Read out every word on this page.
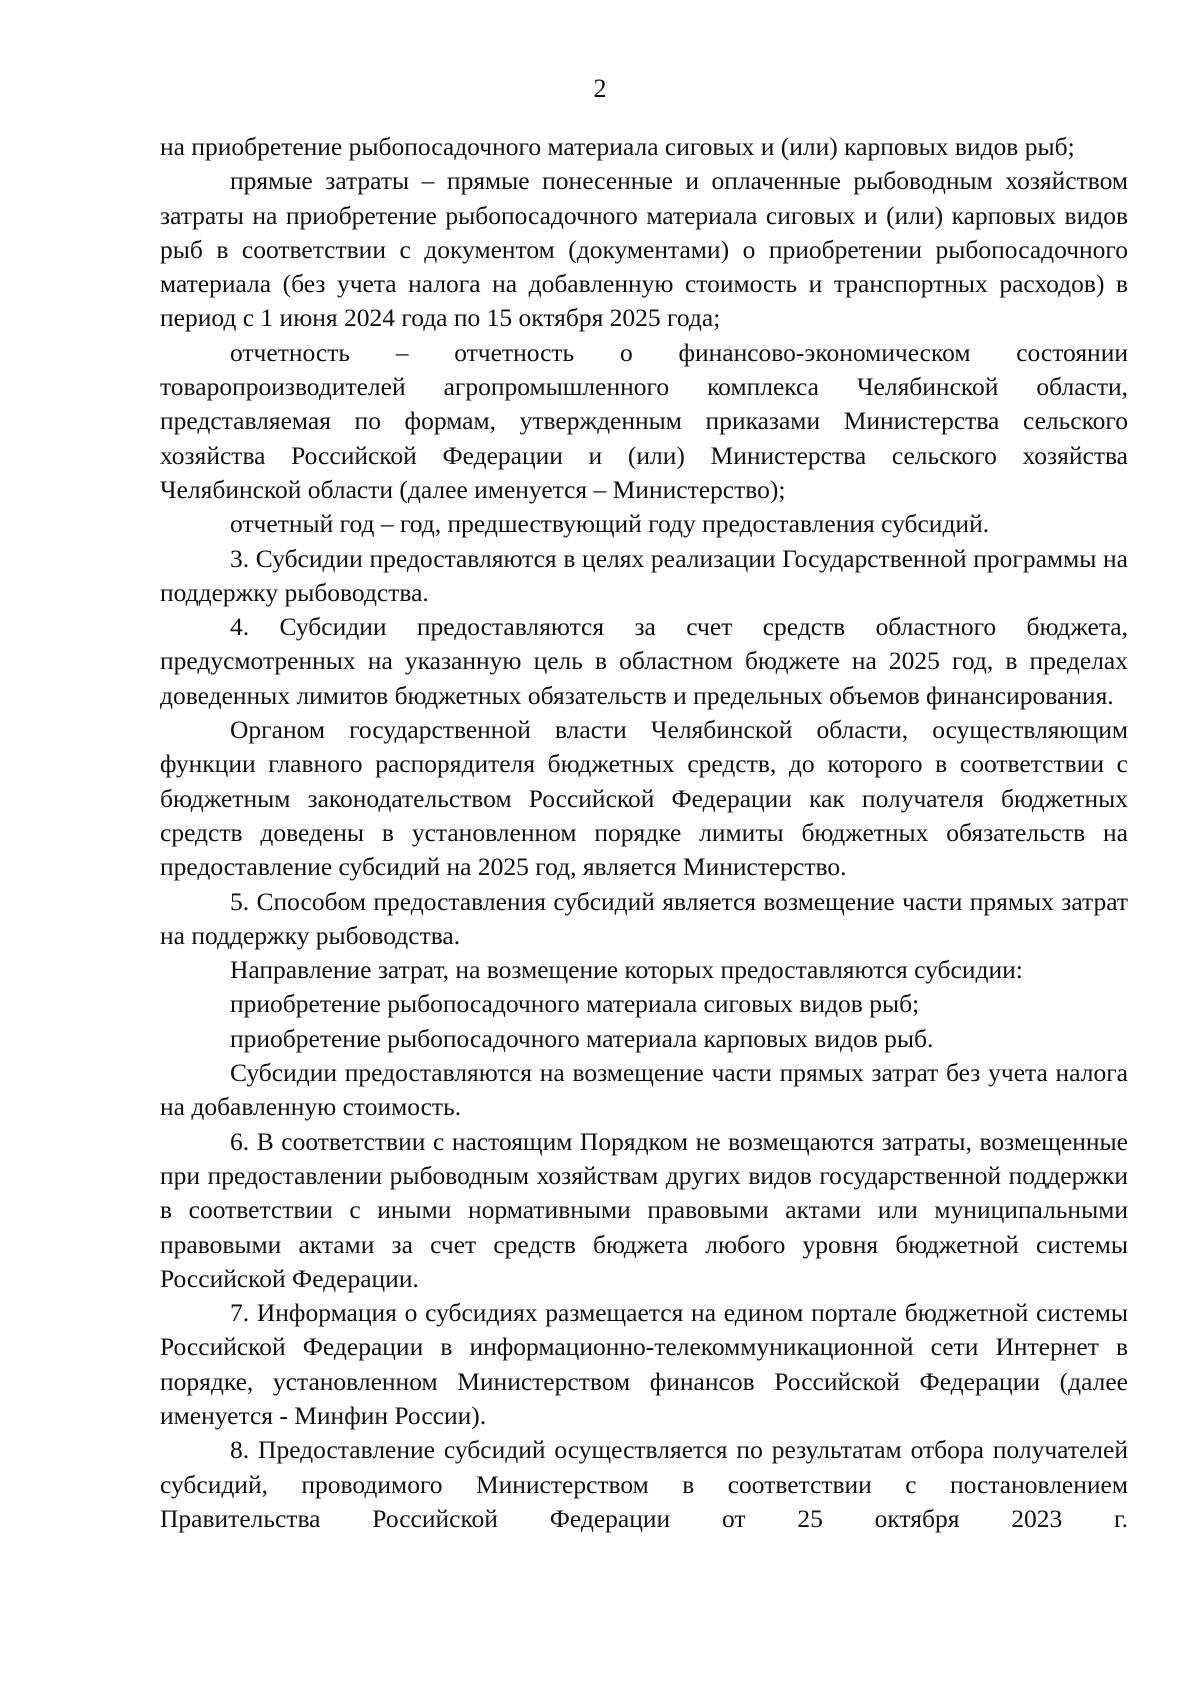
2

на приобретение рыбопосадочного материала сиговых и (или) карповых видов рыб;

прямые затраты – прямые понесенные и оплаченные рыбоводным хозяйством затраты на приобретение рыбопосадочного материала сиговых и (или) карповых видов рыб в соответствии с документом (документами) о приобретении рыбопосадочного материала (без учета налога на добавленную стоимость и транспортных расходов) в период с 1 июня 2024 года по 15 октября 2025 года;

отчетность – отчетность о финансово-экономическом состоянии товаропроизводителей агропромышленного комплекса Челябинской области, представляемая по формам, утвержденным приказами Министерства сельского хозяйства Российской Федерации и (или) Министерства сельского хозяйства Челябинской области (далее именуется – Министерство);

отчетный год – год, предшествующий году предоставления субсидий.

3. Субсидии предоставляются в целях реализации Государственной программы на поддержку рыбоводства.

4. Субсидии предоставляются за счет средств областного бюджета, предусмотренных на указанную цель в областном бюджете на 2025 год, в пределах доведенных лимитов бюджетных обязательств и предельных объемов финансирования.

Органом государственной власти Челябинской области, осуществляющим функции главного распорядителя бюджетных средств, до которого в соответствии с бюджетным законодательством Российской Федерации как получателя бюджетных средств доведены в установленном порядке лимиты бюджетных обязательств на предоставление субсидий на 2025 год, является Министерство.

5. Способом предоставления субсидий является возмещение части прямых затрат на поддержку рыбоводства.

Направление затрат, на возмещение которых предоставляются субсидии:

приобретение рыбопосадочного материала сиговых видов рыб;

приобретение рыбопосадочного материала карповых видов рыб.

Субсидии предоставляются на возмещение части прямых затрат без учета налога на добавленную стоимость.

6. В соответствии с настоящим Порядком не возмещаются затраты, возмещенные при предоставлении рыбоводным хозяйствам других видов государственной поддержки в соответствии с иными нормативными правовыми актами или муниципальными правовыми актами за счет средств бюджета любого уровня бюджетной системы Российской Федерации.

7. Информация о субсидиях размещается на едином портале бюджетной системы Российской Федерации в информационно-телекоммуникационной сети Интернет в порядке, установленном Министерством финансов Российской Федерации (далее именуется - Минфин России).

8. Предоставление субсидий осуществляется по результатам отбора получателей субсидий, проводимого Министерством в соответствии с постановлением Правительства Российской Федерации от 25 октября 2023 г.
